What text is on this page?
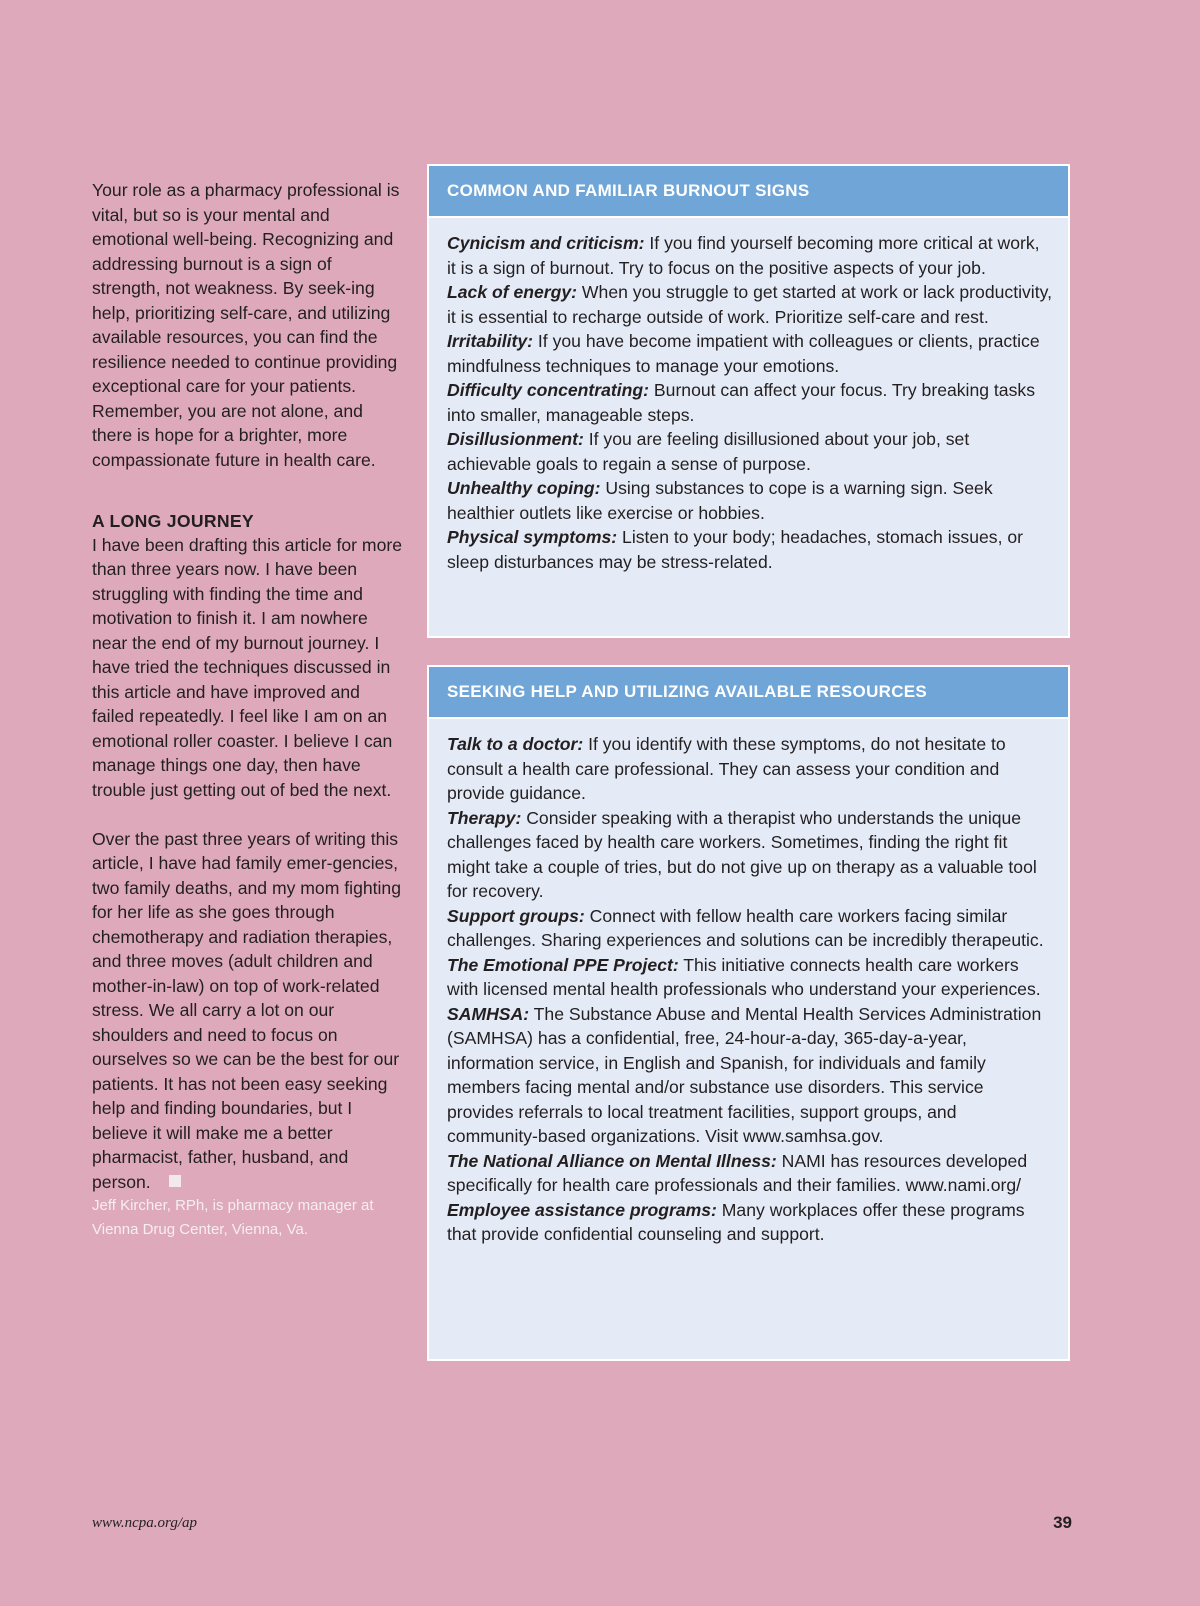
Your role as a pharmacy professional is vital, but so is your mental and emotional well-being. Recognizing and addressing burnout is a sign of strength, not weakness. By seek-ing help, prioritizing self-care, and utilizing available resources, you can find the resilience needed to continue providing exceptional care for your patients. Remember, you are not alone, and there is hope for a brighter, more compassionate future in health care.

A LONG JOURNEY

I have been drafting this article for more than three years now. I have been struggling with finding the time and motivation to finish it. I am nowhere near the end of my burnout journey. I have tried the techniques discussed in this article and have improved and failed repeatedly. I feel like I am on an emotional roller coaster. I believe I can manage things one day, then have trouble just getting out of bed the next.

Over the past three years of writing this article, I have had family emer-gencies, two family deaths, and my mom fighting for her life as she goes through chemotherapy and radiation therapies, and three moves (adult children and mother-in-law) on top of work-related stress. We all carry a lot on our shoulders and need to focus on ourselves so we can be the best for our patients. It has not been easy seeking help and finding boundaries, but I believe it will make me a better pharmacist, father, husband, and person.

Jeff Kircher, RPh, is pharmacy manager at Vienna Drug Center, Vienna, Va.

COMMON AND FAMILIAR BURNOUT SIGNS

Cynicism and criticism: If you find yourself becoming more critical at work, it is a sign of burnout. Try to focus on the positive aspects of your job.

Lack of energy: When you struggle to get started at work or lack productivity, it is essential to recharge outside of work. Prioritize self-care and rest.

Irritability: If you have become impatient with colleagues or clients, practice mindfulness techniques to manage your emotions.

Difficulty concentrating: Burnout can affect your focus. Try breaking tasks into smaller, manageable steps.

Disillusionment: If you are feeling disillusioned about your job, set achievable goals to regain a sense of purpose.

Unhealthy coping: Using substances to cope is a warning sign. Seek healthier outlets like exercise or hobbies.

Physical symptoms: Listen to your body; headaches, stomach issues, or sleep disturbances may be stress-related.

SEEKING HELP AND UTILIZING AVAILABLE RESOURCES

Talk to a doctor: If you identify with these symptoms, do not hesitate to consult a health care professional. They can assess your condition and provide guidance.

Therapy: Consider speaking with a therapist who understands the unique challenges faced by health care workers. Sometimes, finding the right fit might take a couple of tries, but do not give up on therapy as a valuable tool for recovery.

Support groups: Connect with fellow health care workers facing similar challenges. Sharing experiences and solutions can be incredibly therapeutic.

The Emotional PPE Project: This initiative connects health care workers with licensed mental health professionals who understand your experiences.

SAMHSA: The Substance Abuse and Mental Health Services Administration (SAMHSA) has a confidential, free, 24-hour-a-day, 365-day-a-year, information service, in English and Spanish, for individuals and family members facing mental and/or substance use disorders. This service provides referrals to local treatment facilities, support groups, and community-based organizations. Visit www.samhsa.gov.

The National Alliance on Mental Illness: NAMI has resources developed specifically for health care professionals and their families. www.nami.org/

Employee assistance programs: Many workplaces offer these programs that provide confidential counseling and support.

www.ncpa.org/ap	39
